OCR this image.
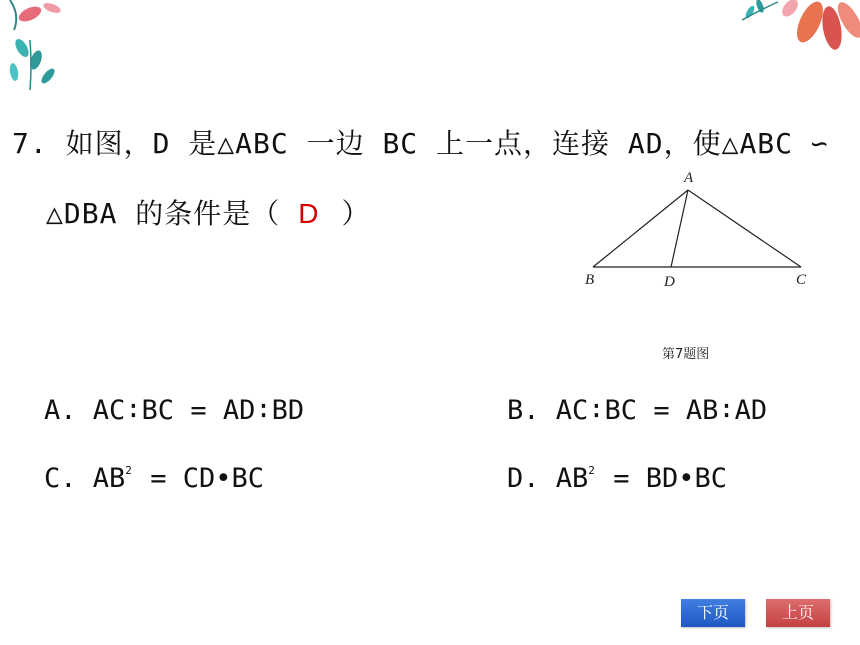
7. 如图，D 是△ABC 一边 BC 上一点，连接 AD，使△ABC ∽
△DBA 的条件是（ D ）
A
B	D	C
第7题图
A. AC∶BC = AD∶BD	B. AC∶BC = AB∶AD
C. $AB^2$ = CD•BC	D. $AB^2$ = BD•BC
下页	上页
